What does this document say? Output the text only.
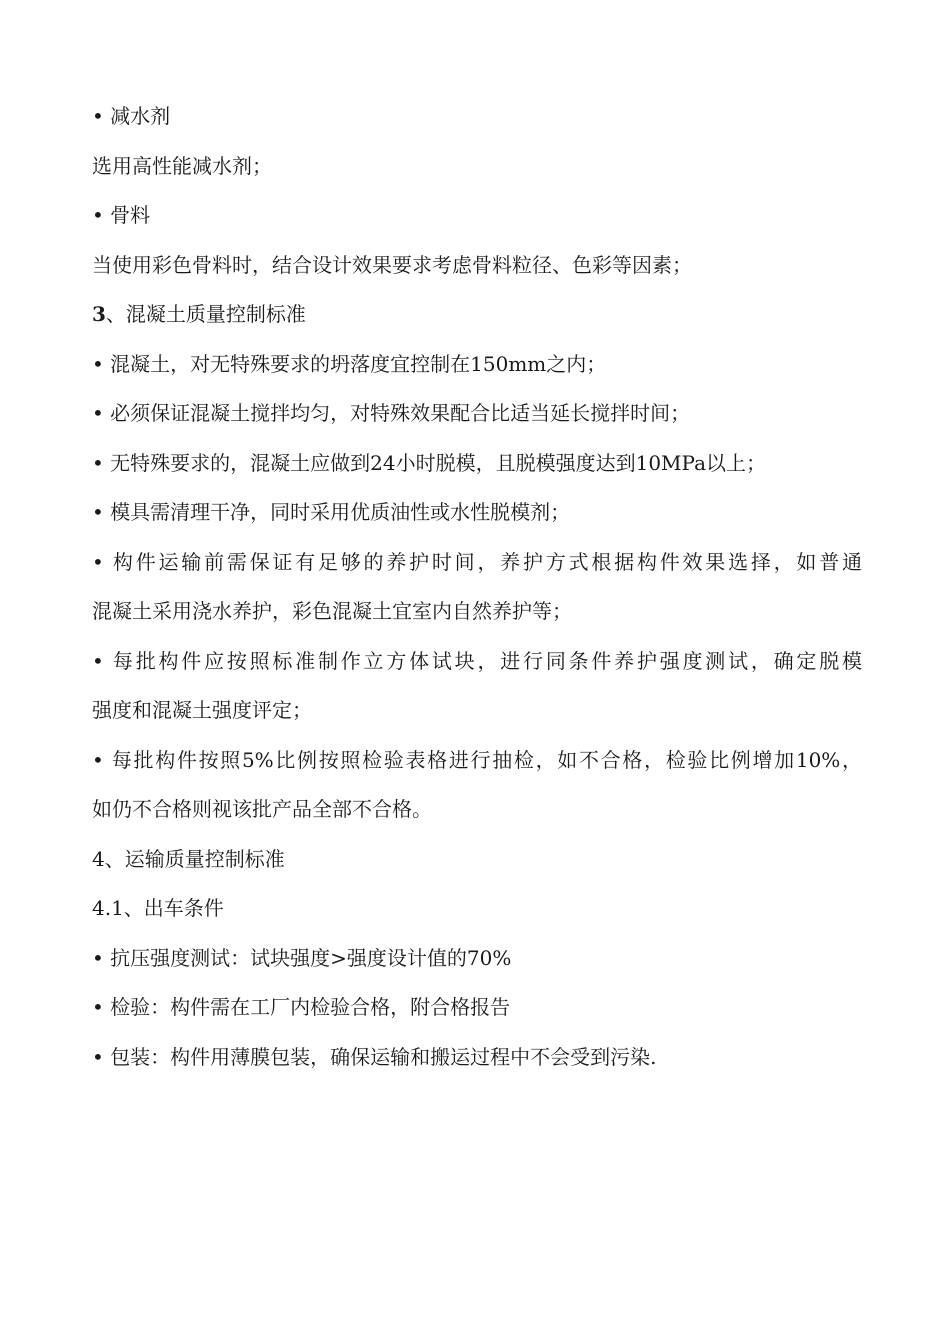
• 减水剂
选用高性能减水剂；
• 骨料
当使用彩色骨料时，结合设计效果要求考虑骨料粒径、色彩等因素；
3、混凝土质量控制标准
• 混凝土，对无特殊要求的坍落度宜控制在150mm之内；
• 必须保证混凝土搅拌均匀，对特殊效果配合比适当延长搅拌时间；
• 无特殊要求的，混凝土应做到24小时脱模，且脱模强度达到10MPa以上；
• 模具需清理干净，同时采用优质油性或水性脱模剂；
• 构件运输前需保证有足够的养护时间，养护方式根据构件效果选择，如普通
混凝土采用浇水养护，彩色混凝土宜室内自然养护等；
• 每批构件应按照标准制作立方体试块，进行同条件养护强度测试，确定脱模
强度和混凝土强度评定；
• 每批构件按照5%比例按照检验表格进行抽检，如不合格，检验比例增加10%，
如仍不合格则视该批产品全部不合格。
4、运输质量控制标准
4.1、出车条件
• 抗压强度测试：试块强度>强度设计值的70%
• 检验：构件需在工厂内检验合格，附合格报告
• 包装：构件用薄膜包装，确保运输和搬运过程中不会受到污染.
